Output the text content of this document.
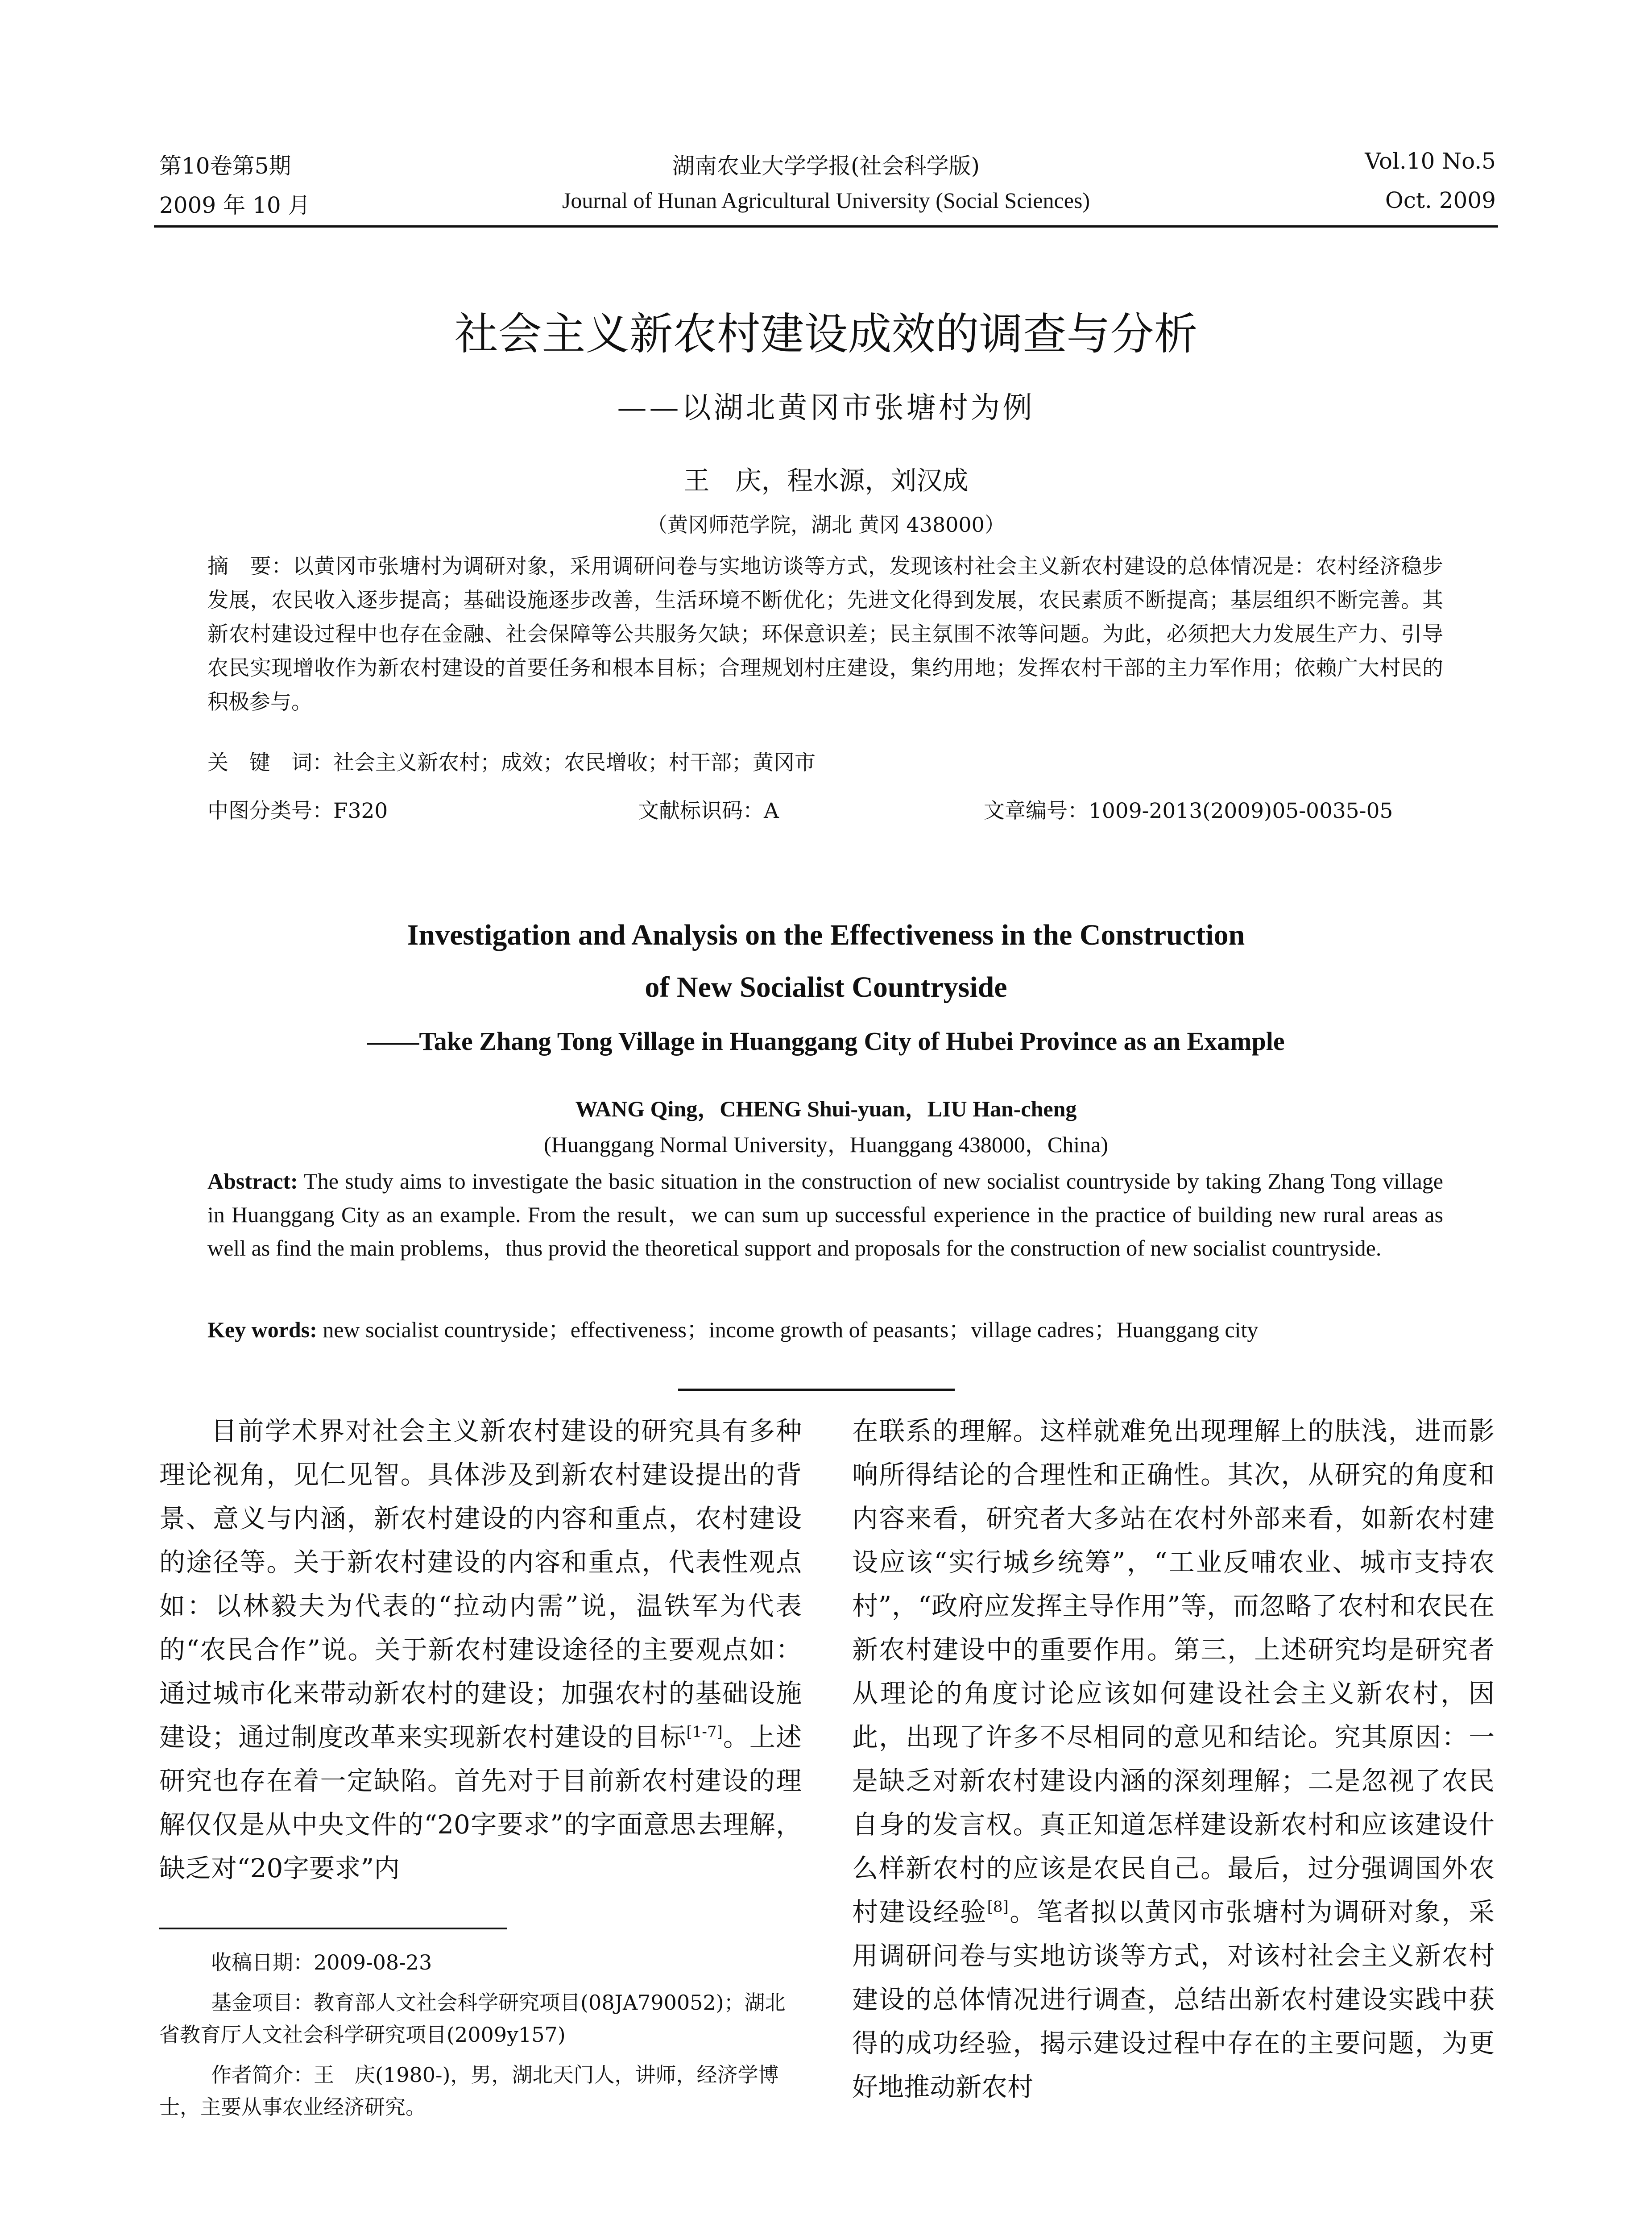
第10卷第5期	湖南农业大学学报(社会科学版)	Vol.10 No.5
2009 年 10 月	Journal of Hunan Agricultural University (Social Sciences)	Oct. 2009
社会主义新农村建设成效的调查与分析
——以湖北黄冈市张塘村为例
王　庆，程水源，刘汉成
（黄冈师范学院，湖北 黄冈 438000）
摘　要：以黄冈市张塘村为调研对象，采用调研问卷与实地访谈等方式，发现该村社会主义新农村建设的总体情况是：农村经济稳步发展，农民收入逐步提高；基础设施逐步改善，生活环境不断优化；先进文化得到发展，农民素质不断提高；基层组织不断完善。其新农村建设过程中也存在金融、社会保障等公共服务欠缺；环保意识差；民主氛围不浓等问题。为此，必须把大力发展生产力、引导农民实现增收作为新农村建设的首要任务和根本目标；合理规划村庄建设，集约用地；发挥农村干部的主力军作用；依赖广大村民的积极参与。
关　键　词：社会主义新农村；成效；农民增收；村干部；黄冈市
中图分类号：F320	文献标识码：A	文章编号：1009-2013(2009)05-0035-05
Investigation and Analysis on the Effectiveness in the Construction
of New Socialist Countryside
——Take Zhang Tong Village in Huanggang City of Hubei Province as an Example
WANG Qing，CHENG Shui-yuan，LIU Han-cheng
(Huanggang Normal University，Huanggang 438000，China)
Abstract: The study aims to investigate the basic situation in the construction of new socialist countryside by taking Zhang Tong village in Huanggang City as an example. From the result，we can sum up successful experience in the practice of building new rural areas as well as find the main problems，thus provid the theoretical support and proposals for the construction of new socialist countryside.
Key words: new socialist countryside；effectiveness；income growth of peasants；village cadres；Huanggang city
目前学术界对社会主义新农村建设的研究具有多种理论视角，见仁见智。具体涉及到新农村建设提出的背景、意义与内涵，新农村建设的内容和重点，农村建设的途径等。关于新农村建设的内容和重点，代表性观点如：以林毅夫为代表的“拉动内需”说，温铁军为代表的“农民合作”说。关于新农村建设途径的主要观点如：通过城市化来带动新农村的建设；加强农村的基础设施建设；通过制度改革来实现新农村建设的目标[1-7]。上述研究也存在着一定缺陷。首先对于目前新农村建设的理解仅仅是从中央文件的“20字要求”的字面意思去理解，缺乏对“20字要求”内
在联系的理解。这样就难免出现理解上的肤浅，进而影响所得结论的合理性和正确性。其次，从研究的角度和内容来看，研究者大多站在农村外部来看，如新农村建设应该“实行城乡统筹”，“工业反哺农业、城市支持农村”，“政府应发挥主导作用”等，而忽略了农村和农民在新农村建设中的重要作用。第三，上述研究均是研究者从理论的角度讨论应该如何建设社会主义新农村，因此，出现了许多不尽相同的意见和结论。究其原因：一是缺乏对新农村建设内涵的深刻理解；二是忽视了农民自身的发言权。真正知道怎样建设新农村和应该建设什么样新农村的应该是农民自己。最后，过分强调国外农村建设经验[8]。笔者拟以黄冈市张塘村为调研对象，采用调研问卷与实地访谈等方式，对该村社会主义新农村建设的总体情况进行调查，总结出新农村建设实践中获得的成功经验，揭示建设过程中存在的主要问题，为更好地推动新农村
收稿日期：2009-08-23
基金项目：教育部人文社会科学研究项目(08JA790052)；湖北省教育厅人文社会科学研究项目(2009y157)
作者简介：王　庆(1980-)，男，湖北天门人，讲师，经济学博士，主要从事农业经济研究。
